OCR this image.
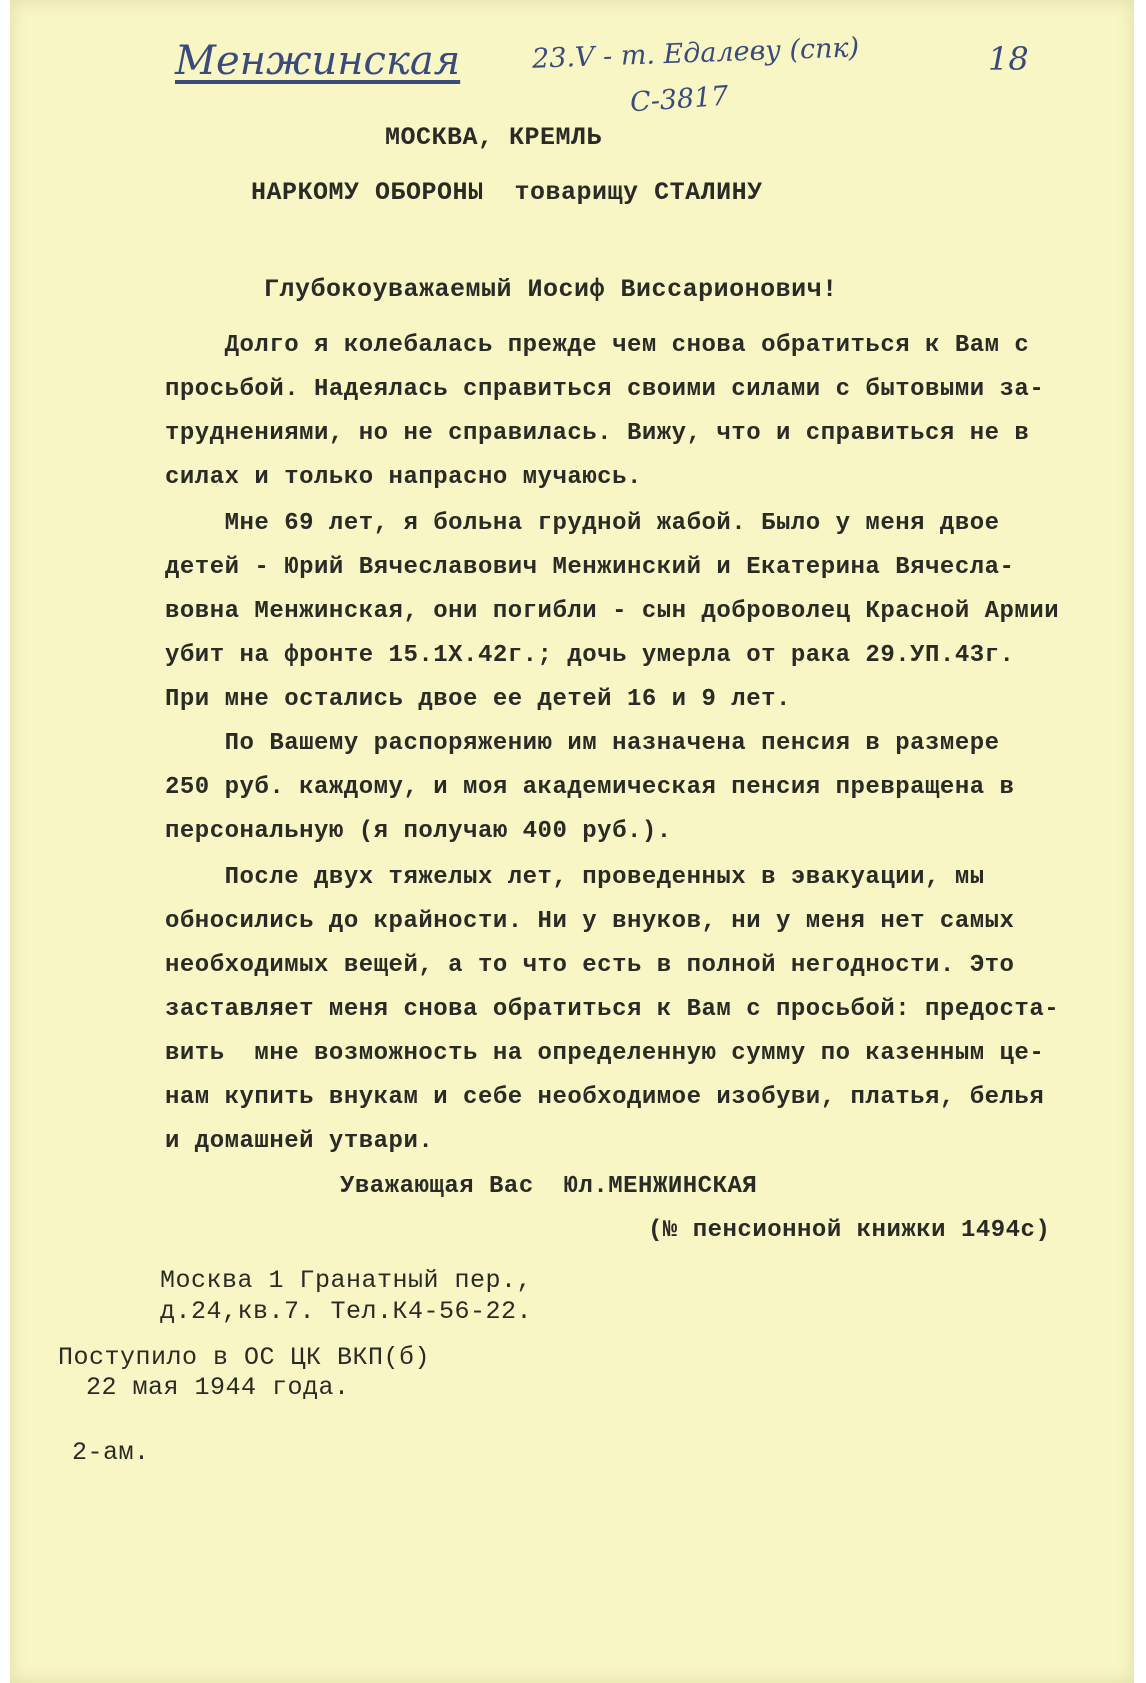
Менжинская	23.V - т. Едалеву (спк)
С-3817
18
МОСКВА, КРЕМЛЬ
НАРКОМУ ОБОРОНЫ  товарищу СТАЛИНУ
Глубокоуважаемый Иосиф Виссарионович!

Долго я колебалась прежде чем снова обратиться к Вам с

просьбой. Надеялась справиться своими силами с бытовыми за-

труднениями, но не справилась. Вижу, что и справиться не в

силах и только напрасно мучаюсь.

Мне 69 лет, я больна грудной жабой. Было у меня двое

детей - Юрий Вячеславович Менжинский и Екатерина Вячесла-

вовна Менжинская, они погибли - сын доброволец Красной Армии

убит на фронте 15.1Х.42г.; дочь умерла от рака 29.УП.43г.

При мне остались двое ее детей 16 и 9 лет.

По Вашему распоряжению им назначена пенсия в размере

250 руб. каждому, и моя академическая пенсия превращена в

персональную (я получаю 400 руб.).

После двух тяжелых лет, проведенных в эвакуации, мы

обносились до крайности. Ни у внуков, ни у меня нет самых

необходимых вещей, а то что есть в полной негодности. Это

заставляет меня снова обратиться к Вам с просьбой: предоста-

вить  мне возможность на определенную сумму по казенным це-

нам купить внукам и себе необходимое изобуви, платья, белья

и домашней утвари.

Уважающая Вас  Юл.МЕНЖИНСКАЯ
(№ пенсионной книжки 1494с)
Москва 1 Гранатный пер.,
д.24,кв.7. Тел.К4-56-22.
Поступило в ОС ЦК ВКП(б)
22 мая 1944 года.
2-ам.
